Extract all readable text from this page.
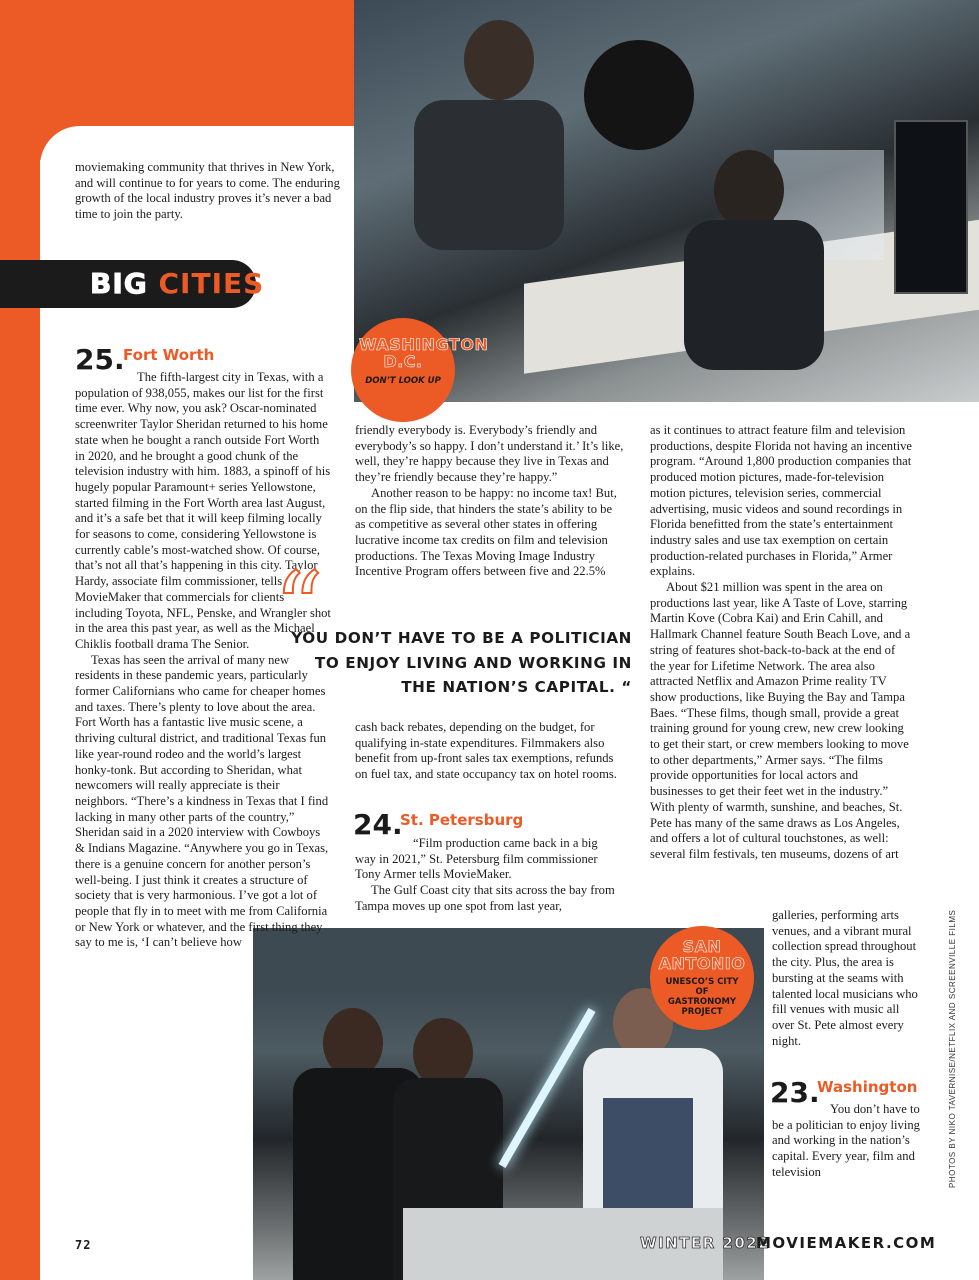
moviemaking community that thrives in New York, and will continue to for years to come. The enduring growth of the local industry proves it’s never a bad time to join the party.

BIG CITIES
WASHINGTON D.C.
DON’T LOOK UP
SAN ANTONIO
UNESCO’S CITY OF GASTRONOMY PROJECT
25.
Fort Worth

The fifth-largest city in Texas, with a population of 938,055, makes our list for the first time ever. Why now, you ask? Oscar-nominated screenwriter Taylor Sheridan returned to his home state when he bought a ranch outside Fort Worth in 2020, and he brought a good chunk of the television industry with him. 1883, a spinoff of his hugely popular Paramount+ series Yellowstone, started filming in the Fort Worth area last August, and it’s a safe bet that it will keep filming locally for seasons to come, considering Yellowstone is currently cable’s most-watched show. Of course, that’s not all that’s happening in this city. Taylor Hardy, associate film commissioner, tells MovieMaker that commercials for clients including Toyota, NFL, Penske, and Wrangler shot in the area this past year, as well as the Michael Chiklis football drama The Senior.

Texas has seen the arrival of many new residents in these pandemic years, particularly former Californians who came for cheaper homes and taxes. There’s plenty to love about the area. Fort Worth has a fantastic live music scene, a thriving cultural district, and traditional Texas fun like year-round rodeo and the world’s largest honky-tonk. But according to Sheridan, what newcomers will really appreciate is their neighbors. “There’s a kindness in Texas that I find lacking in many other parts of the country,” Sheridan said in a 2020 interview with Cowboys & Indians Magazine. “Anywhere you go in Texas, there is a genuine concern for another person’s well-being. I just think it creates a structure of society that is very harmonious. I’ve got a lot of people that fly in to meet with me from California or New York or whatever, and the first thing they say to me is, ‘I can’t believe how

friendly everybody is. Everybody’s friendly and everybody’s so happy. I don’t understand it.’ It’s like, well, they’re happy because they live in Texas and they’re friendly because they’re happy.”

Another reason to be happy: no income tax! But, on the flip side, that hinders the state’s ability to be as competitive as several other states in offering lucrative income tax credits on film and television productions. The Texas Moving Image Industry Incentive Program offers between five and 22.5%

“

YOU DON’T HAVE TO BE A POLITICIAN TO ENJOY LIVING AND WORKING IN THE NATION’S CAPITAL. “

cash back rebates, depending on the budget, for qualifying in-state expenditures. Filmmakers also benefit from up-front sales tax exemptions, refunds on fuel tax, and state occupancy tax on hotel rooms.

24.
St. Petersburg

“Film production came back in a big way in 2021,” St. Petersburg film commissioner Tony Armer tells MovieMaker.

The Gulf Coast city that sits across the bay from Tampa moves up one spot from last year,

as it continues to attract feature film and television productions, despite Florida not having an incentive program. “Around 1,800 production companies that produced motion pictures, made-for-television motion pictures, television series, commercial advertising, music videos and sound recordings in Florida benefitted from the state’s entertainment industry sales and use tax exemption on certain production-related purchases in Florida,” Armer explains.

About $21 million was spent in the area on productions last year, like A Taste of Love, starring Martin Kove (Cobra Kai) and Erin Cahill, and Hallmark Channel feature South Beach Love, and a string of features shot-back-to-back at the end of the year for Lifetime Network. The area also attracted Netflix and Amazon Prime reality TV show productions, like Buying the Bay and Tampa Baes. “These films, though small, provide a great training ground for young crew, new crew looking to get their start, or crew members looking to move to other departments,” Armer says. “The films provide opportunities for local actors and businesses to get their feet wet in the industry.” With plenty of warmth, sunshine, and beaches, St. Pete has many of the same draws as Los Angeles, and offers a lot of cultural touchstones, as well: several film festivals, ten museums, dozens of art

galleries, performing arts venues, and a vibrant mural collection spread throughout the city. Plus, the area is bursting at the seams with talented local musicians who fill venues with music all over St. Pete almost every night.

23.
Washington

You don’t have to be a politician to enjoy living and working in the nation’s capital. Every year, film and television	PHOTOS BY NIKO TAVERNISE/NETFLIX AND SCREENVILLE FILMS
72	WINTER 2022
MOVIEMAKER.COM
